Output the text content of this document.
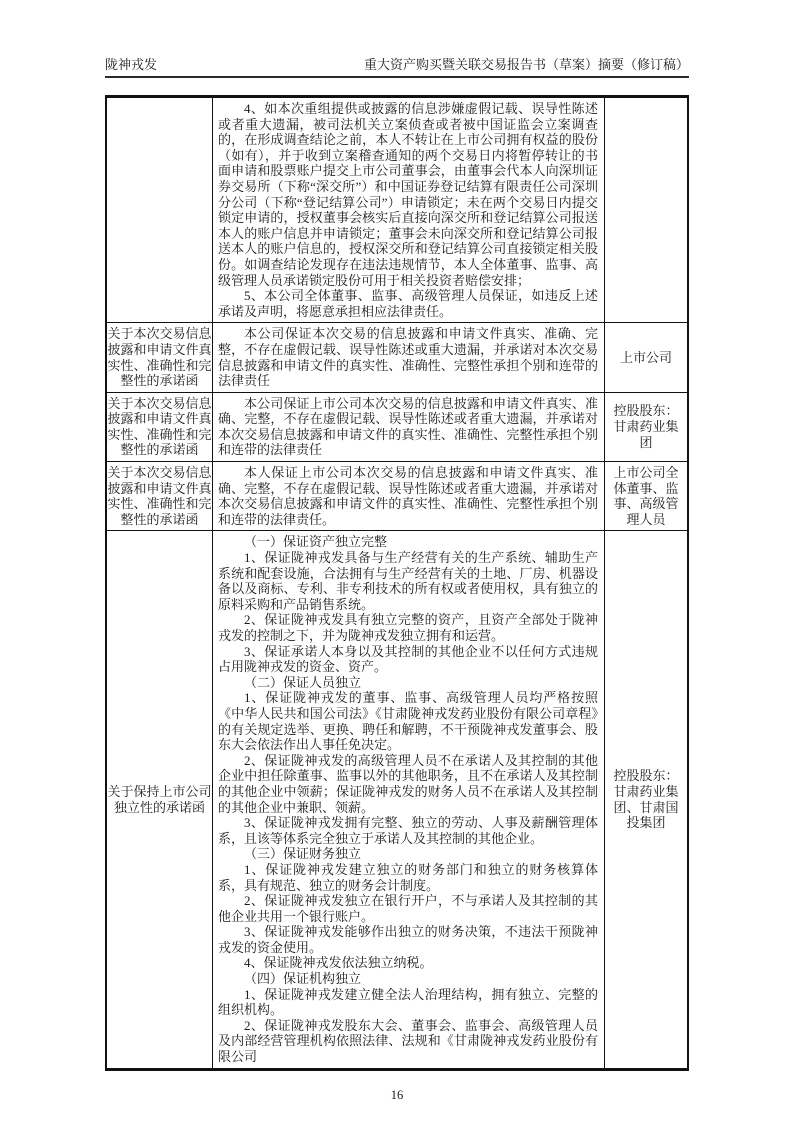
陇神戎发	重大资产购买暨关联交易报告书（草案）摘要（修订稿）

4、如本次重组提供或披露的信息涉嫌虚假记载、误导性陈述或者重大遗漏，被司法机关立案侦查或者被中国证监会立案调查的，在形成调查结论之前，本人不转让在上市公司拥有权益的股份（如有），并于收到立案稽查通知的两个交易日内将暂停转让的书面申请和股票账户提交上市公司董事会，由董事会代本人向深圳证券交易所（下称“深交所”）和中国证券登记结算有限责任公司深圳分公司（下称“登记结算公司”）申请锁定；未在两个交易日内提交锁定申请的，授权董事会核实后直接向深交所和登记结算公司报送本人的账户信息并申请锁定；董事会未向深交所和登记结算公司报送本人的账户信息的，授权深交所和登记结算公司直接锁定相关股份。如调查结论发现存在违法违规情节，本人全体董事、监事、高级管理人员承诺锁定股份可用于相关投资者赔偿安排；

5、本公司全体董事、监事、高级管理人员保证，如违反上述承诺及声明，将愿意承担相应法律责任。

关于本次交易信息披露和申请文件真实性、准确性和完整性的承诺函

本公司保证本次交易的信息披露和申请文件真实、准确、完整，不存在虚假记载、误导性陈述或重大遗漏，并承诺对本次交易信息披露和申请文件的真实性、准确性、完整性承担个别和连带的法律责任

上市公司
关于本次交易信息披露和申请文件真实性、准确性和完整性的承诺函

本公司保证上市公司本次交易的信息披露和申请文件真实、准确、完整，不存在虚假记载、误导性陈述或者重大遗漏，并承诺对本次交易信息披露和申请文件的真实性、准确性、完整性承担个别和连带的法律责任

控股股东：甘肃药业集团
关于本次交易信息披露和申请文件真实性、准确性和完整性的承诺函

本人保证上市公司本次交易的信息披露和申请文件真实、准确、完整，不存在虚假记载、误导性陈述或者重大遗漏，并承诺对本次交易信息披露和申请文件的真实性、准确性、完整性承担个别和连带的法律责任。

上市公司全体董事、监事、高级管理人员
关于保持上市公司独立性的承诺函

（一）保证资产独立完整

1、保证陇神戎发具备与生产经营有关的生产系统、辅助生产系统和配套设施，合法拥有与生产经营有关的土地、厂房、机器设备以及商标、专利、非专利技术的所有权或者使用权，具有独立的原料采购和产品销售系统。

2、保证陇神戎发具有独立完整的资产，且资产全部处于陇神戎发的控制之下，并为陇神戎发独立拥有和运营。

3、保证承诺人本身以及其控制的其他企业不以任何方式违规占用陇神戎发的资金、资产。

（二）保证人员独立

1、保证陇神戎发的董事、监事、高级管理人员均严格按照《中华人民共和国公司法》《甘肃陇神戎发药业股份有限公司章程》的有关规定选举、更换、聘任和解聘，不干预陇神戎发董事会、股东大会依法作出人事任免决定。

2、保证陇神戎发的高级管理人员不在承诺人及其控制的其他企业中担任除董事、监事以外的其他职务，且不在承诺人及其控制的其他企业中领薪；保证陇神戎发的财务人员不在承诺人及其控制的其他企业中兼职、领薪。

3、保证陇神戎发拥有完整、独立的劳动、人事及薪酬管理体系，且该等体系完全独立于承诺人及其控制的其他企业。

（三）保证财务独立

1、保证陇神戎发建立独立的财务部门和独立的财务核算体系，具有规范、独立的财务会计制度。

2、保证陇神戎发独立在银行开户，不与承诺人及其控制的其他企业共用一个银行账户。

3、保证陇神戎发能够作出独立的财务决策，不违法干预陇神戎发的资金使用。

4、保证陇神戎发依法独立纳税。

（四）保证机构独立

1、保证陇神戎发建立健全法人治理结构，拥有独立、完整的组织机构。

2、保证陇神戎发股东大会、董事会、监事会、高级管理人员及内部经营管理机构依照法律、法规和《甘肃陇神戎发药业股份有限公司

控股股东：甘肃药业集团、甘肃国投集团
16
